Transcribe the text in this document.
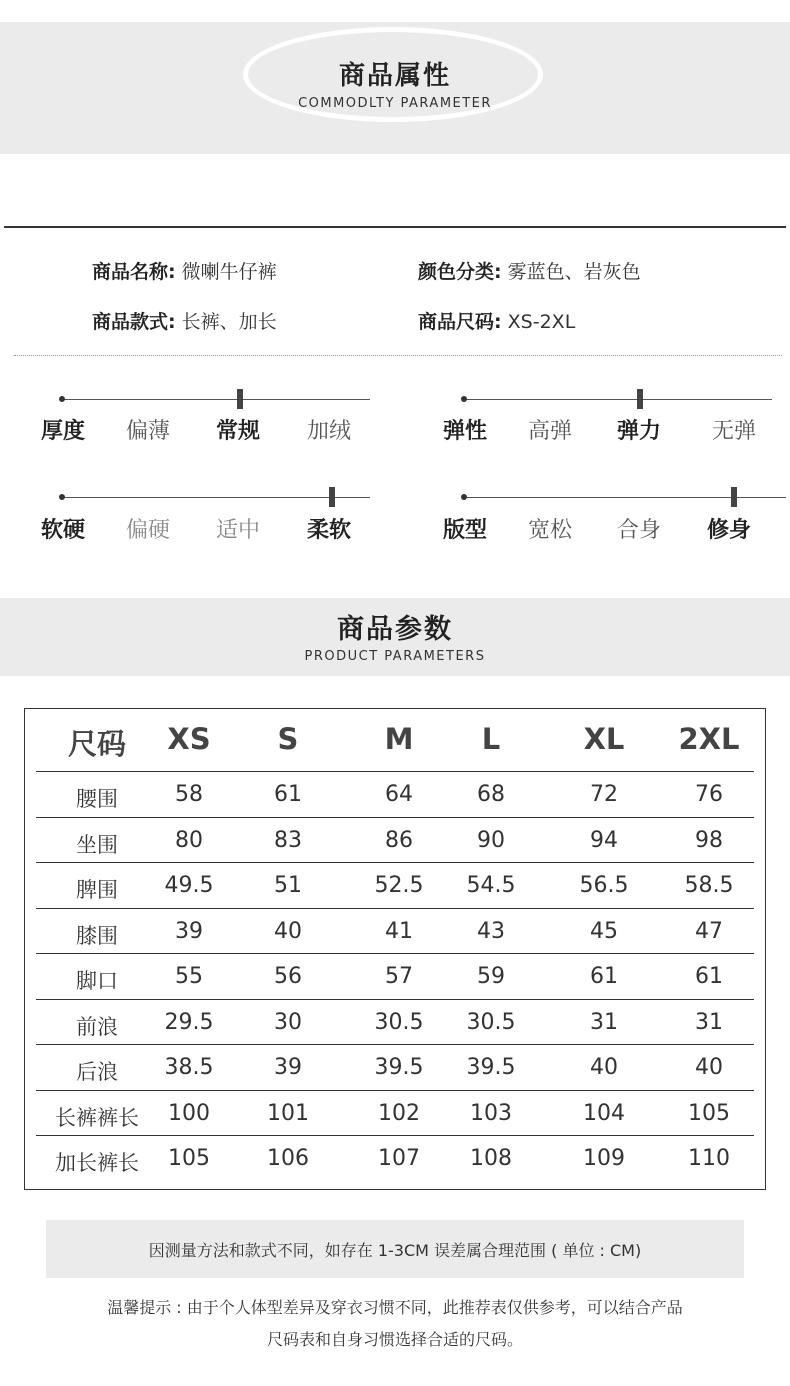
商品属性
COMMODLTY PARAMETER
商品名称: 微喇牛仔裤	颜色分类: 雾蓝色、岩灰色
商品款式: 长裤、加长	商品尺码: XS-2XL
厚度	偏薄	常规	加绒	弹性	高弹	弹力	无弹
软硬	偏硬	适中	柔软	版型	宽松	合身	修身
商品参数
PRODUCT PARAMETERS
尺码	XS	S	M	L	XL	2XL
腰围	58	61	64	68	72	76
坐围	80	83	86	90	94	98
脾围	49.5	51	52.5	54.5	56.5	58.5
膝围	39	40	41	43	45	47
脚口	55	56	57	59	61	61
前浪	29.5	30	30.5	30.5	31	31
后浪	38.5	39	39.5	39.5	40	40
长裤裤长	100	101	102	103	104	105
加长裤长	105	106	107	108	109	110
因测量方法和款式不同，如存在 1-3CM 误差属合理范围 ( 单位 : CM)
温馨提示 : 由于个人体型差异及穿衣习惯不同，此推荐表仅供参考，可以结合产品
尺码表和自身习惯选择合适的尺码。
